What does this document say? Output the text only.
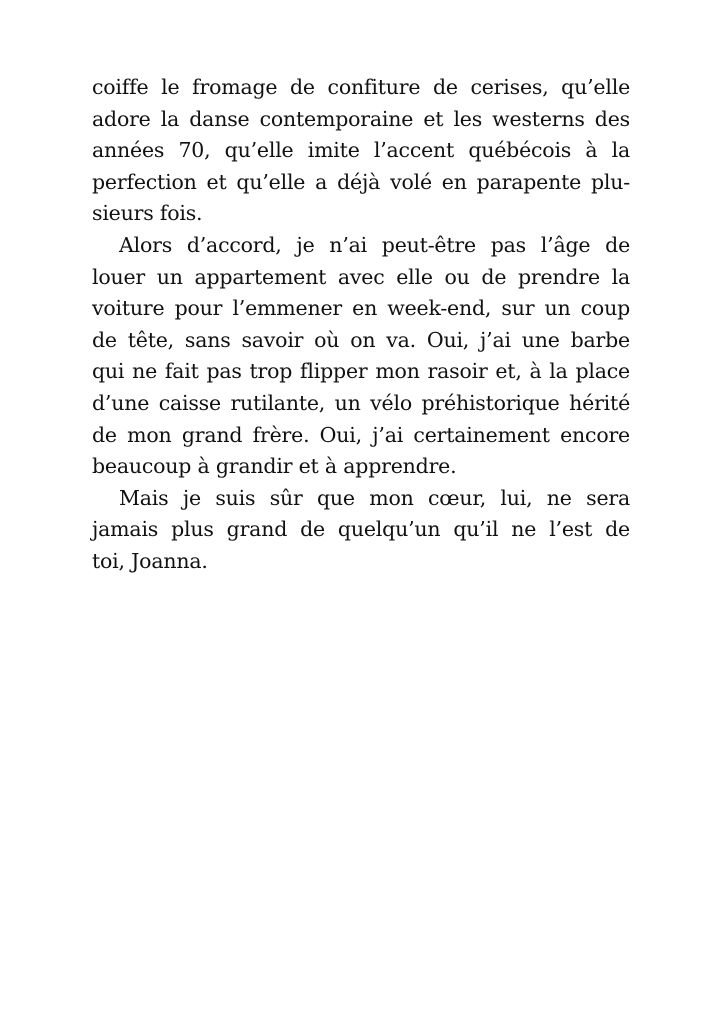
coiffe le fromage de confiture de cerises, qu’elle
adore la danse contemporaine et les westerns des
années 70, qu’elle imite l’accent québécois à la
perfection et qu’elle a déjà volé en parapente plu-
sieurs fois.
Alors d’accord, je n’ai peut-être pas l’âge de
louer un appartement avec elle ou de prendre la
voiture pour l’emmener en week-end, sur un coup
de tête, sans savoir où on va. Oui, j’ai une barbe
qui ne fait pas trop flipper mon rasoir et, à la place
d’une caisse rutilante, un vélo préhistorique hérité
de mon grand frère. Oui, j’ai certainement encore
beaucoup à grandir et à apprendre.
Mais je suis sûr que mon cœur, lui, ne sera
jamais plus grand de quelqu’un qu’il ne l’est de
toi, Joanna.
